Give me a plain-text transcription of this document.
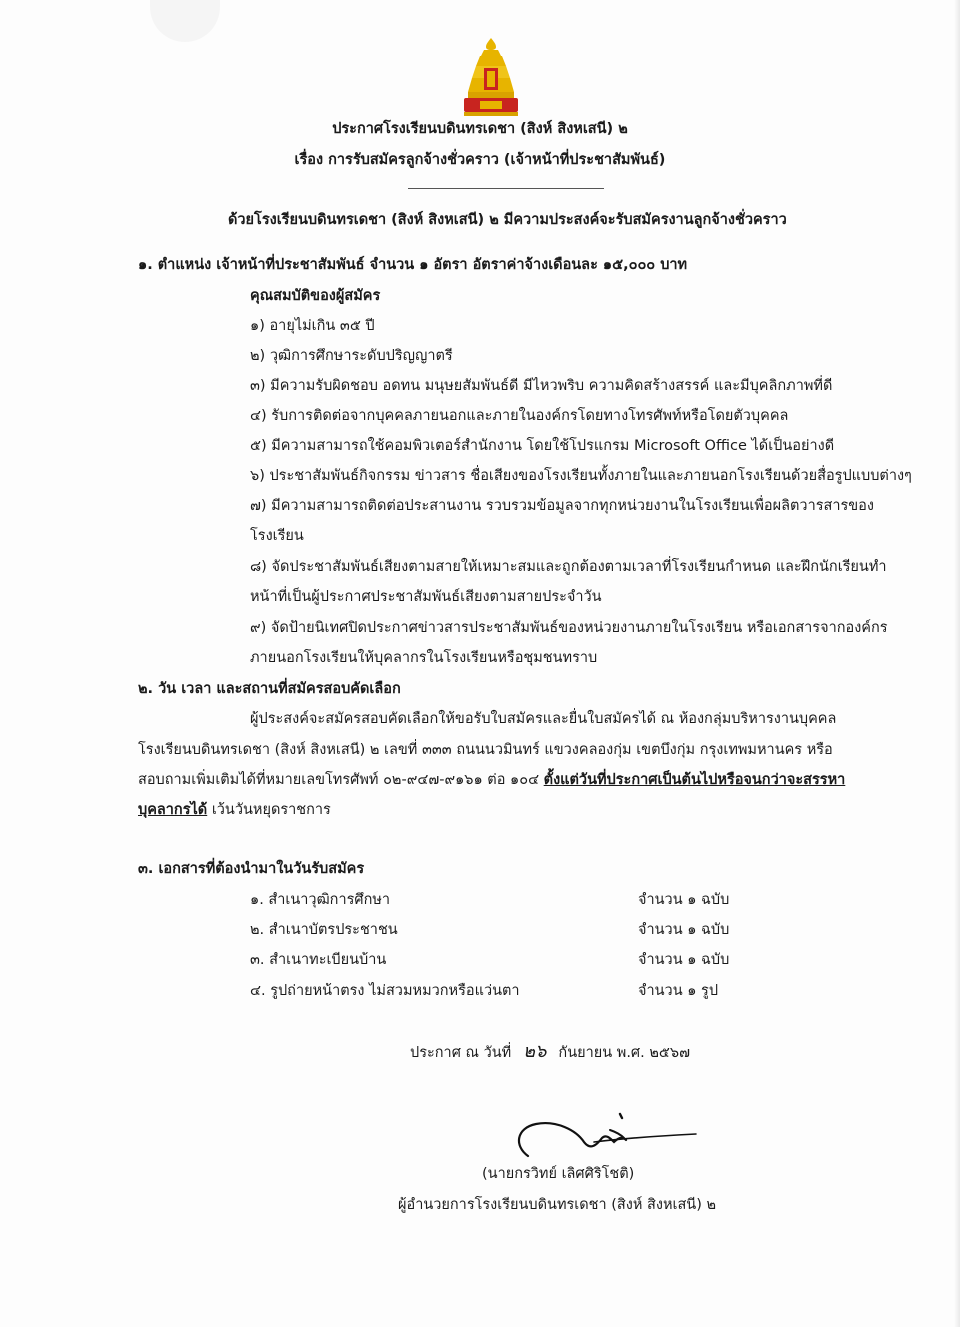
ประกาศโรงเรียนบดินทรเดชา (สิงห์ สิงหเสนี) ๒
เรื่อง การรับสมัครลูกจ้างชั่วคราว (เจ้าหน้าที่ประชาสัมพันธ์)
ด้วยโรงเรียนบดินทรเดชา (สิงห์ สิงหเสนี) ๒ มีความประสงค์จะรับสมัครงานลูกจ้างชั่วคราว
๑. ตำแหน่ง เจ้าหน้าที่ประชาสัมพันธ์ จำนวน ๑ อัตรา อัตราค่าจ้างเดือนละ ๑๕,๐๐๐ บาท
คุณสมบัติของผู้สมัคร
๑) อายุไม่เกิน ๓๕ ปี
๒) วุฒิการศึกษาระดับปริญญาตรี
๓) มีความรับผิดชอบ อดทน มนุษยสัมพันธ์ดี มีไหวพริบ ความคิดสร้างสรรค์ และมีบุคลิกภาพที่ดี
๔) รับการติดต่อจากบุคคลภายนอกและภายในองค์กรโดยทางโทรศัพท์หรือโดยตัวบุคคล
๕) มีความสามารถใช้คอมพิวเตอร์สำนักงาน โดยใช้โปรแกรม Microsoft Office ได้เป็นอย่างดี
๖) ประชาสัมพันธ์กิจกรรม ข่าวสาร ชื่อเสียงของโรงเรียนทั้งภายในและภายนอกโรงเรียนด้วยสื่อรูปแบบต่างๆ
๗) มีความสามารถติดต่อประสานงาน รวบรวมข้อมูลจากทุกหน่วยงานในโรงเรียนเพื่อผลิตวารสารของ
โรงเรียน
๘) จัดประชาสัมพันธ์เสียงตามสายให้เหมาะสมและถูกต้องตามเวลาที่โรงเรียนกำหนด และฝึกนักเรียนทำ
หน้าที่เป็นผู้ประกาศประชาสัมพันธ์เสียงตามสายประจำวัน
๙) จัดป้ายนิเทศปิดประกาศข่าวสารประชาสัมพันธ์ของหน่วยงานภายในโรงเรียน หรือเอกสารจากองค์กร
ภายนอกโรงเรียนให้บุคลากรในโรงเรียนหรือชุมชนทราบ
๒. วัน เวลา และสถานที่สมัครสอบคัดเลือก
ผู้ประสงค์จะสมัครสอบคัดเลือกให้ขอรับใบสมัครและยื่นใบสมัครได้ ณ ห้องกลุ่มบริหารงานบุคคล
โรงเรียนบดินทรเดชา (สิงห์ สิงหเสนี) ๒ เลขที่ ๓๓๓ ถนนนวมินทร์ แขวงคลองกุ่ม เขตบึงกุ่ม กรุงเทพมหานคร หรือ
สอบถามเพิ่มเติมได้ที่หมายเลขโทรศัพท์ ๐๒-๙๔๗-๙๑๖๑ ต่อ ๑๐๔ ตั้งแต่วันที่ประกาศเป็นต้นไปหรือจนกว่าจะสรรหา
บุคลากรได้ เว้นวันหยุดราชการ
๓. เอกสารที่ต้องนำมาในวันรับสมัคร
๑. สำเนาวุฒิการศึกษา	จำนวน ๑ ฉบับ
๒. สำเนาบัตรประชาชน	จำนวน ๑ ฉบับ
๓. สำเนาทะเบียนบ้าน	จำนวน ๑ ฉบับ
๔. รูปถ่ายหน้าตรง ไม่สวมหมวกหรือแว่นตา	จำนวน ๑ รูป
ประกาศ ณ วันที่ ๒๖ กันยายน พ.ศ. ๒๕๖๗
(นายกรวิทย์ เลิศศิริโชติ)
ผู้อำนวยการโรงเรียนบดินทรเดชา (สิงห์ สิงหเสนี) ๒
